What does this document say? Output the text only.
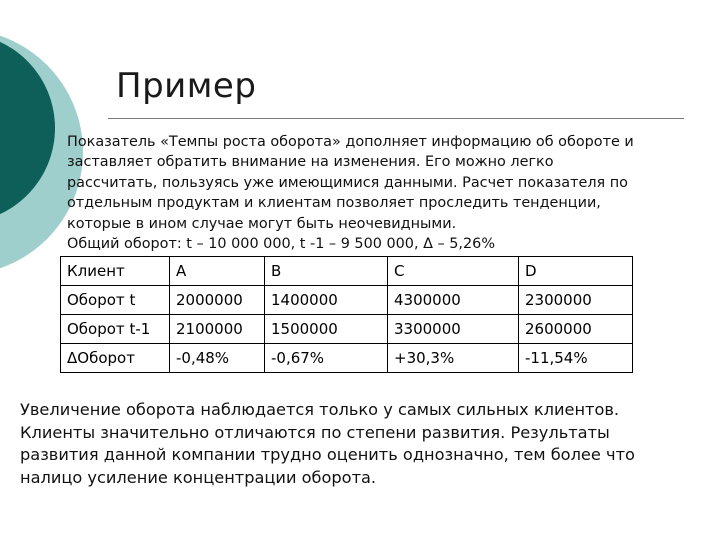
Пример

Показатель «Темпы роста оборота» дополняет информацию об обороте и

заставляет обратить внимание на изменения. Его можно легко

рассчитать, пользуясь уже имеющимися данными. Расчет показателя по

отдельным продуктам и клиентам позволяет проследить тенденции,

которые в ином случае могут быть неочевидными.

Общий оборот: t – 10 000 000, t -1 – 9 500 000, Δ – 5,26%

Клиент	A	B	C	D
Оборот t	2000000	1400000	4300000	2300000
Оборот t-1	2100000	1500000	3300000	2600000
ΔОборот	-0,48%	-0,67%	+30,3%	-11,54%
Увеличение оборота наблюдается только у самых сильных клиентов.
Клиенты значительно отличаются по степени развития. Результаты
развития данной компании трудно оценить однозначно, тем более что
налицо усиление концентрации оборота.
